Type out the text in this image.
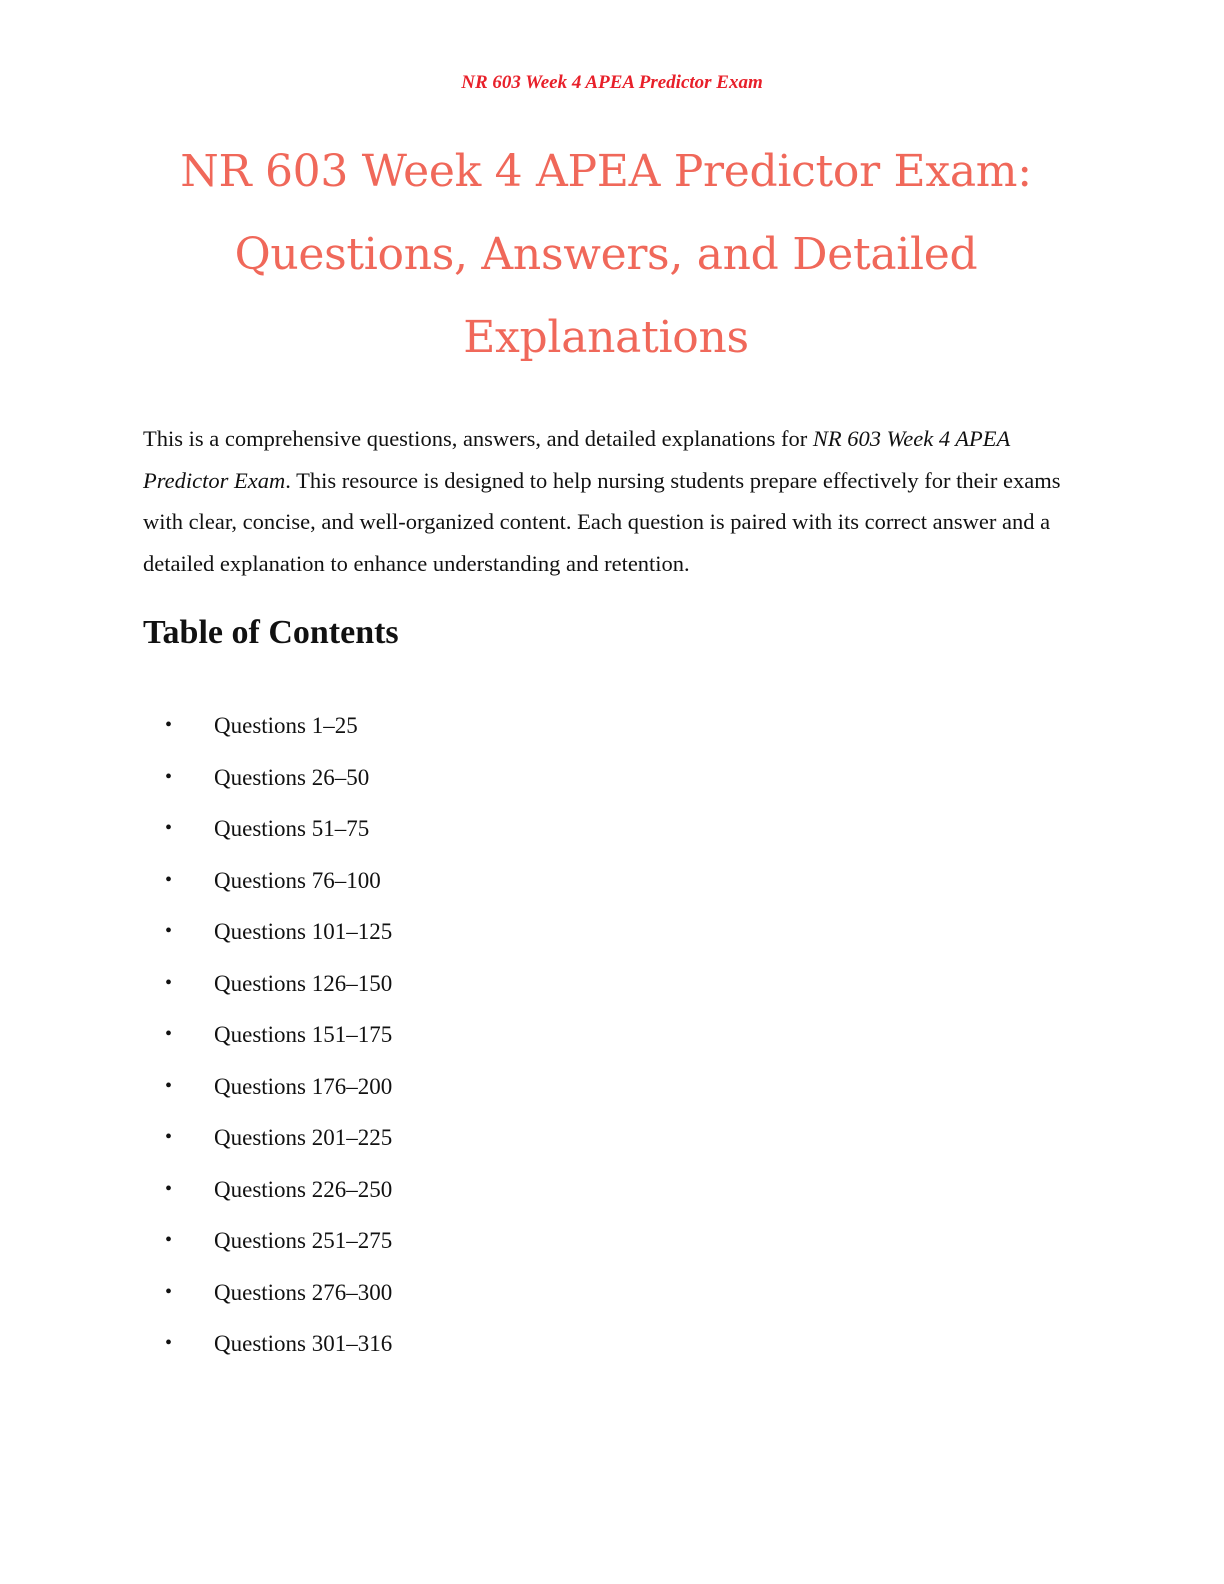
NR 603 Week 4 APEA Predictor Exam
NR 603 Week 4 APEA Predictor Exam:
Questions, Answers, and Detailed
Explanations

This is a comprehensive questions, answers, and detailed explanations for NR 603 Week 4 APEA Predictor Exam. This resource is designed to help nursing students prepare effectively for their exams with clear, concise, and well-organized content. Each question is paired with its correct answer and a detailed explanation to enhance understanding and retention.

Table of Contents
• Questions 1–25
• Questions 26–50
• Questions 51–75
• Questions 76–100
• Questions 101–125
• Questions 126–150
• Questions 151–175
• Questions 176–200
• Questions 201–225
• Questions 226–250
• Questions 251–275
• Questions 276–300
• Questions 301–316
